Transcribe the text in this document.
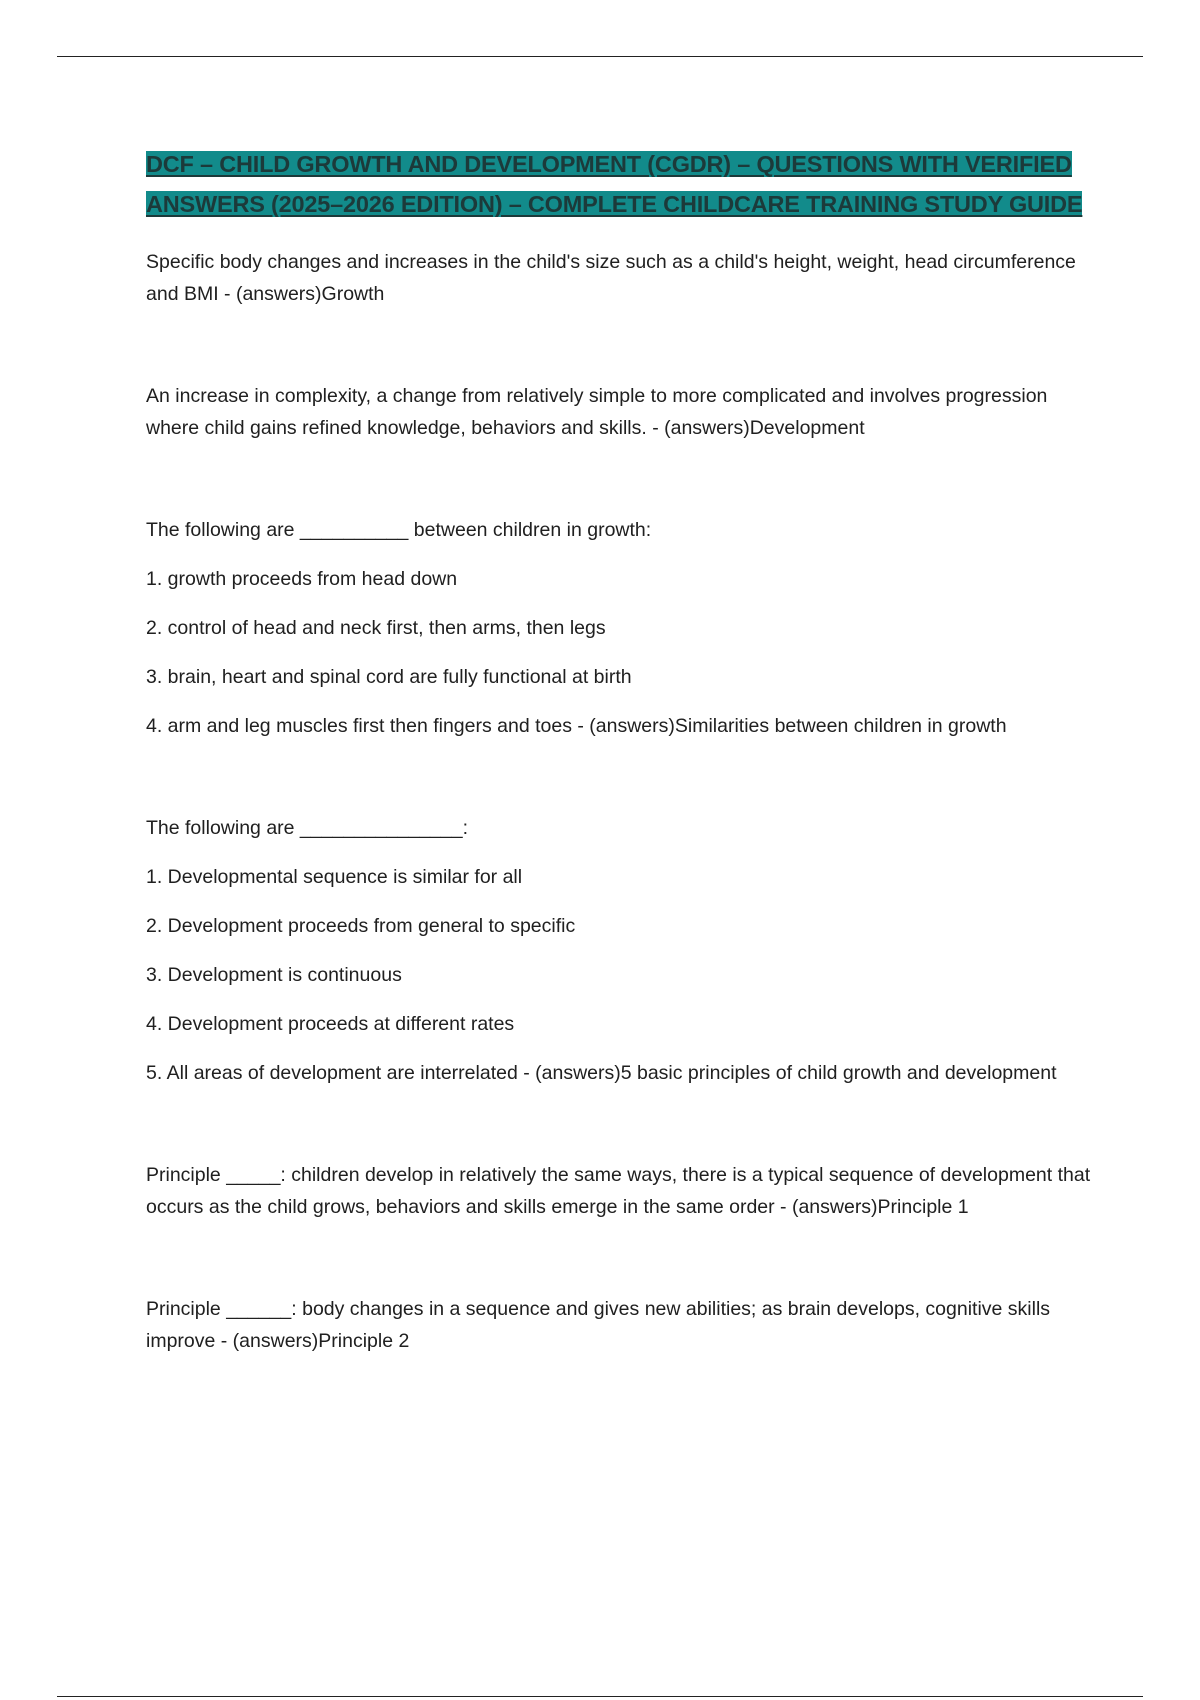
DCF – CHILD GROWTH AND DEVELOPMENT (CGDR) – QUESTIONS WITH VERIFIED ANSWERS (2025–2026 EDITION) – COMPLETE CHILDCARE TRAINING STUDY GUIDE

Specific body changes and increases in the child's size such as a child's height, weight, head circumference and BMI - (answers)Growth

An increase in complexity, a change from relatively simple to more complicated and involves progression where child gains refined knowledge, behaviors and skills. - (answers)Development

The following are __________ between children in growth:

1. growth proceeds from head down

2. control of head and neck first, then arms, then legs

3. brain, heart and spinal cord are fully functional at birth

4. arm and leg muscles first then fingers and toes - (answers)Similarities between children in growth

The following are _______________:

1. Developmental sequence is similar for all

2. Development proceeds from general to specific

3. Development is continuous

4. Development proceeds at different rates

5. All areas of development are interrelated - (answers)5 basic principles of child growth and development

Principle _____: children develop in relatively the same ways, there is a typical sequence of development that occurs as the child grows, behaviors and skills emerge in the same order - (answers)Principle 1

Principle ______: body changes in a sequence and gives new abilities; as brain develops, cognitive skills improve - (answers)Principle 2
